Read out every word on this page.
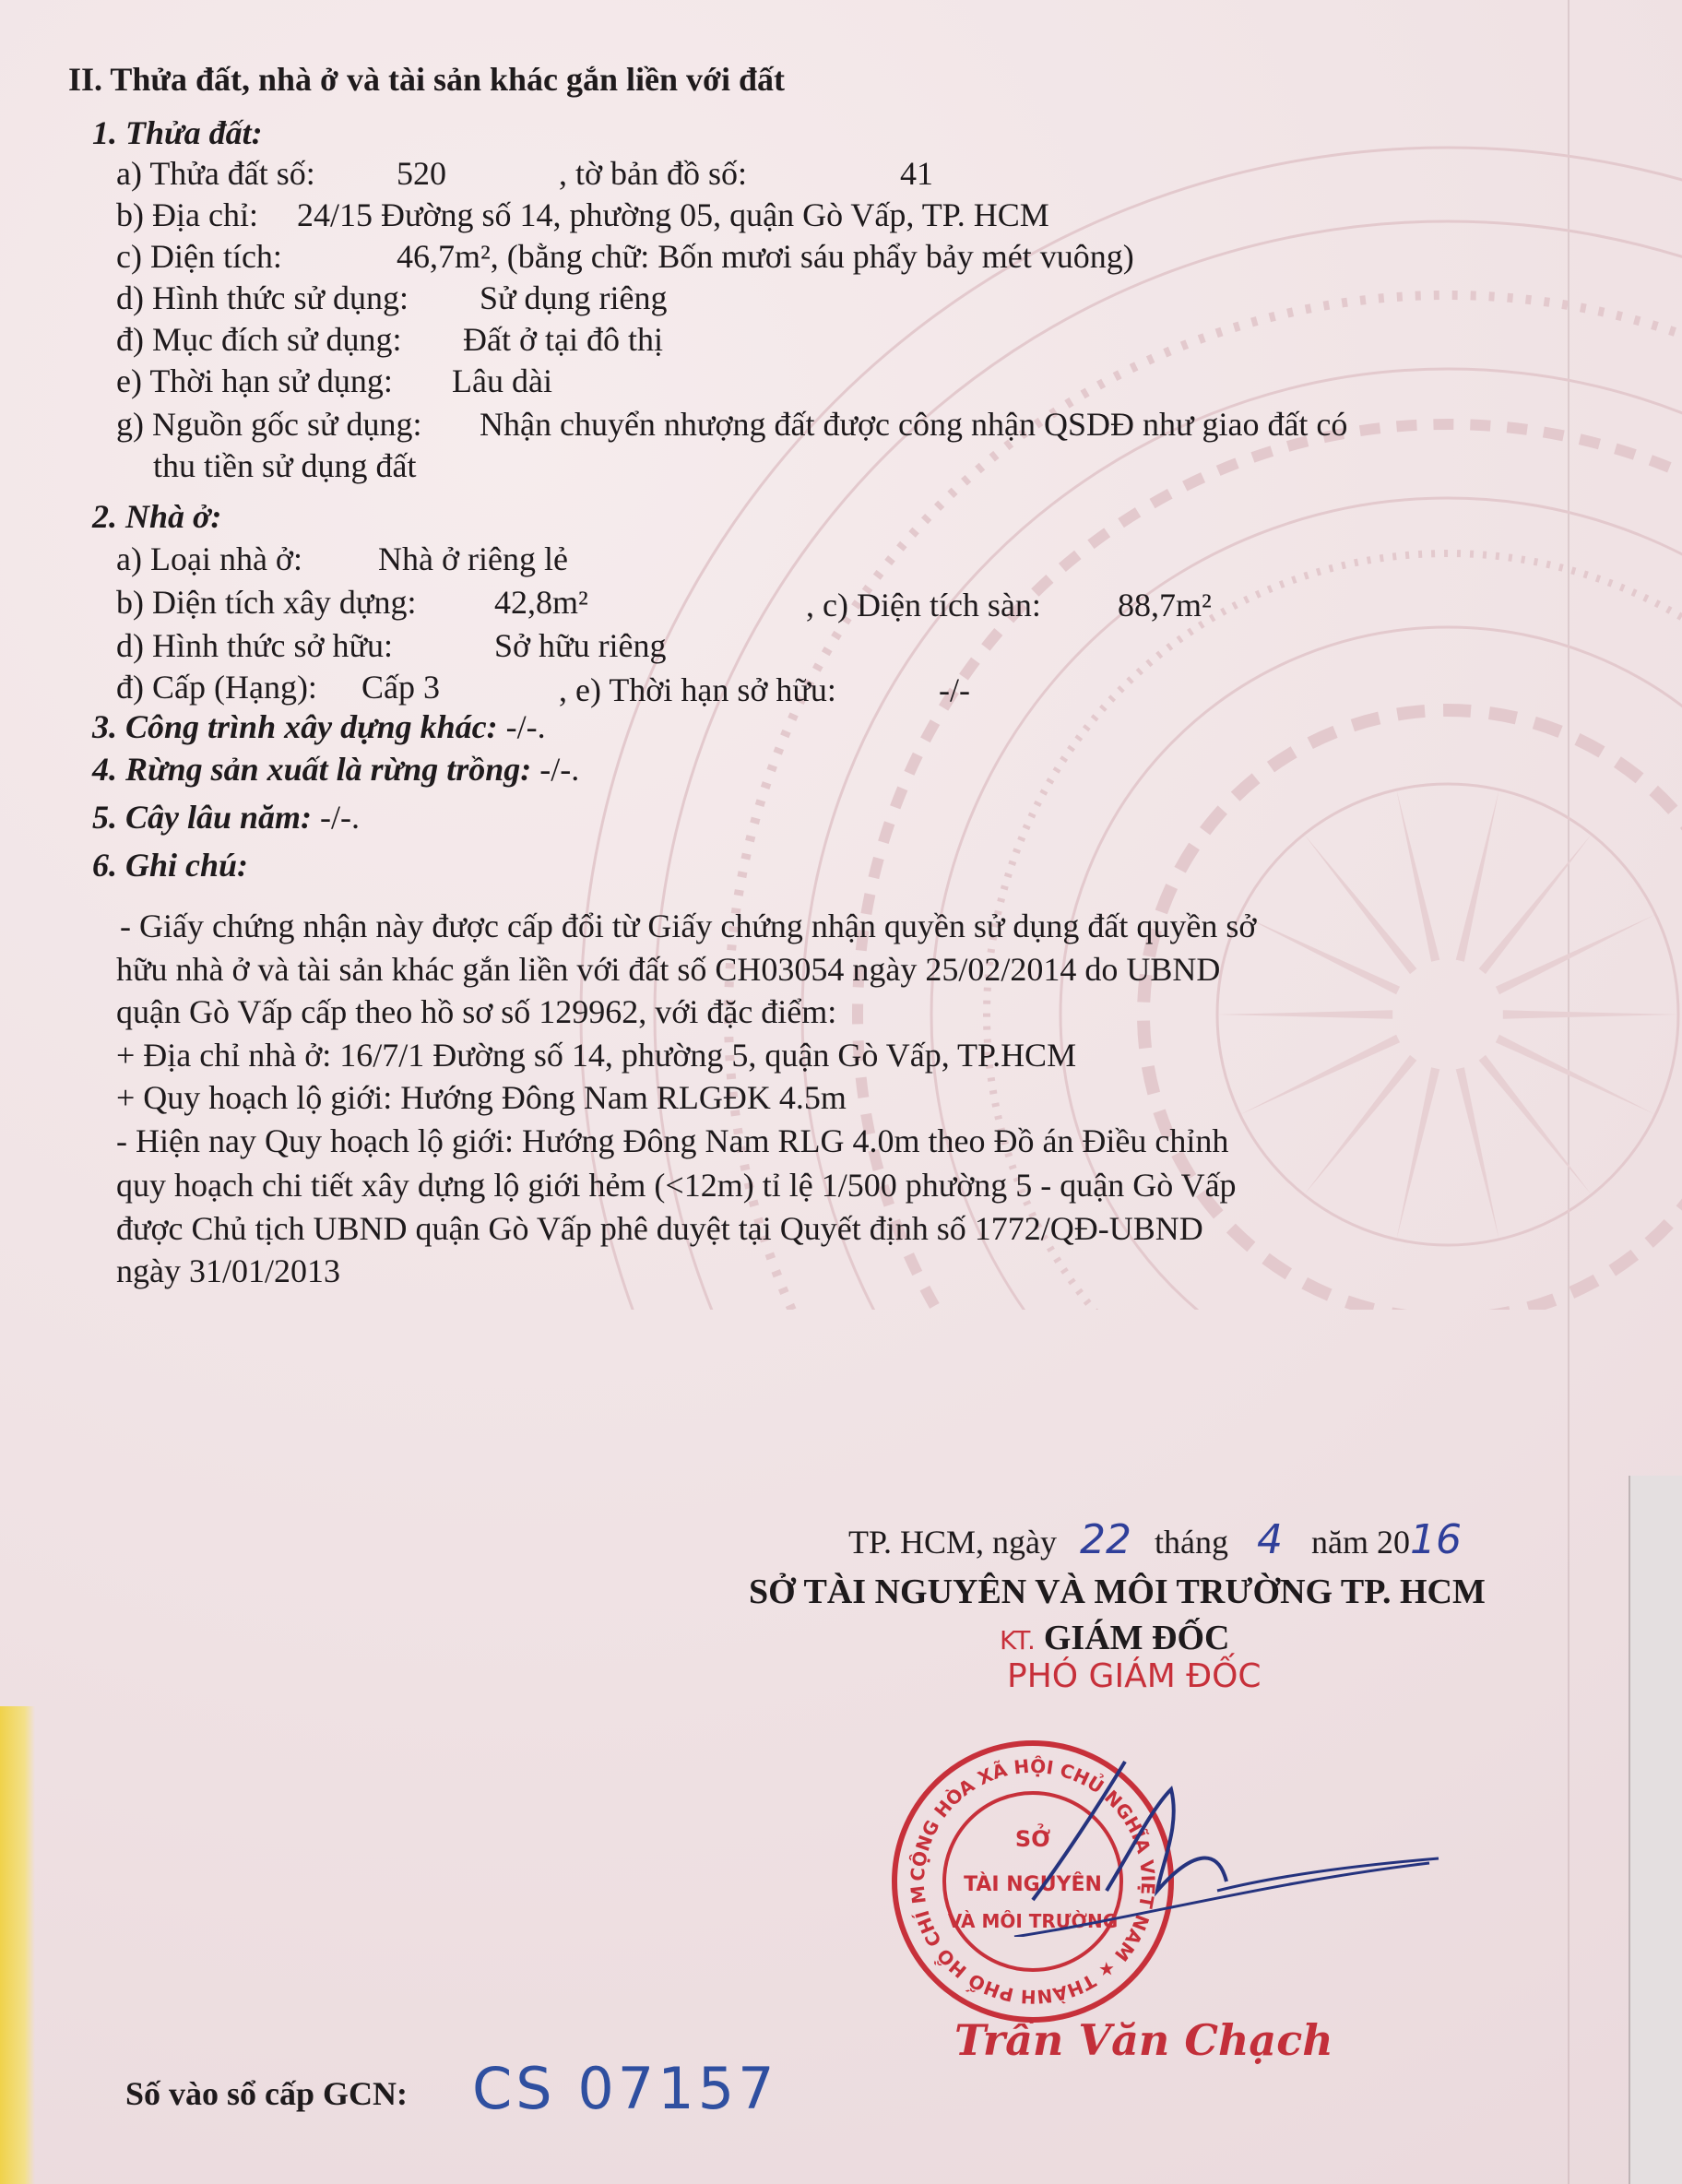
II. Thửa đất, nhà ở và tài sản khác gắn liền với đất
1. Thửa đất:
a) Thửa đất số: 520	, tờ bản đồ số:	41
b) Địa chỉ: 24/15 Đường số 14, phường 05, quận Gò Vấp, TP. HCM
c) Diện tích:	46,7m², (bằng chữ: Bốn mươi sáu phẩy bảy mét vuông)
d) Hình thức sử dụng: Sử dụng riêng
đ) Mục đích sử dụng: Đất ở tại đô thị
e) Thời hạn sử dụng: Lâu dài
g) Nguồn gốc sử dụng: Nhận chuyển nhượng đất được công nhận QSDĐ như giao đất có
thu tiền sử dụng đất
2. Nhà ở:
a) Loại nhà ở: Nhà ở riêng lẻ
b) Diện tích xây dựng: 42,8m²	, c) Diện tích sàn: 88,7m²
d) Hình thức sở hữu:	Sở hữu riêng
đ) Cấp (Hạng): Cấp 3	, e) Thời hạn sở hữu:	-/-
3. Công trình xây dựng khác: -/-.
4. Rừng sản xuất là rừng trồng: -/-.
5. Cây lâu năm: -/-.
6. Ghi chú:
- Giấy chứng nhận này được cấp đổi từ Giấy chứng nhận quyền sử dụng đất quyền sở
hữu nhà ở và tài sản khác gắn liền với đất số CH03054 ngày 25/02/2014 do UBND
quận Gò Vấp cấp theo hồ sơ số 129962, với đặc điểm:
+ Địa chỉ nhà ở: 16/7/1 Đường số 14, phường 5, quận Gò Vấp, TP.HCM
+ Quy hoạch lộ giới: Hướng Đông Nam RLGĐK 4.5m
- Hiện nay Quy hoạch lộ giới: Hướng Đông Nam RLG 4.0m theo Đồ án Điều chỉnh
quy hoạch chi tiết xây dựng lộ giới hẻm (<12m) tỉ lệ 1/500 phường 5 - quận Gò Vấp
được Chủ tịch UBND quận Gò Vấp phê duyệt tại Quyết định số 1772/QĐ-UBND
ngày 31/01/2013
TP. HCM, ngày 22 tháng 4 năm 2016
SỞ TÀI NGUYÊN VÀ MÔI TRƯỜNG TP. HCM
KT. GIÁM ĐỐC
PHÓ GIÁM ĐỐC
CỘNG HÒA XÃ HỘI CHỦ NGHĨA VIỆT NAM ★ THÀNH PHỐ HỒ CHÍ M
SỞ
TÀI NGUYÊN
VÀ MÔI TRƯỜNG
Trần Văn Chạch
Số vào sổ cấp GCN: CS 07157
